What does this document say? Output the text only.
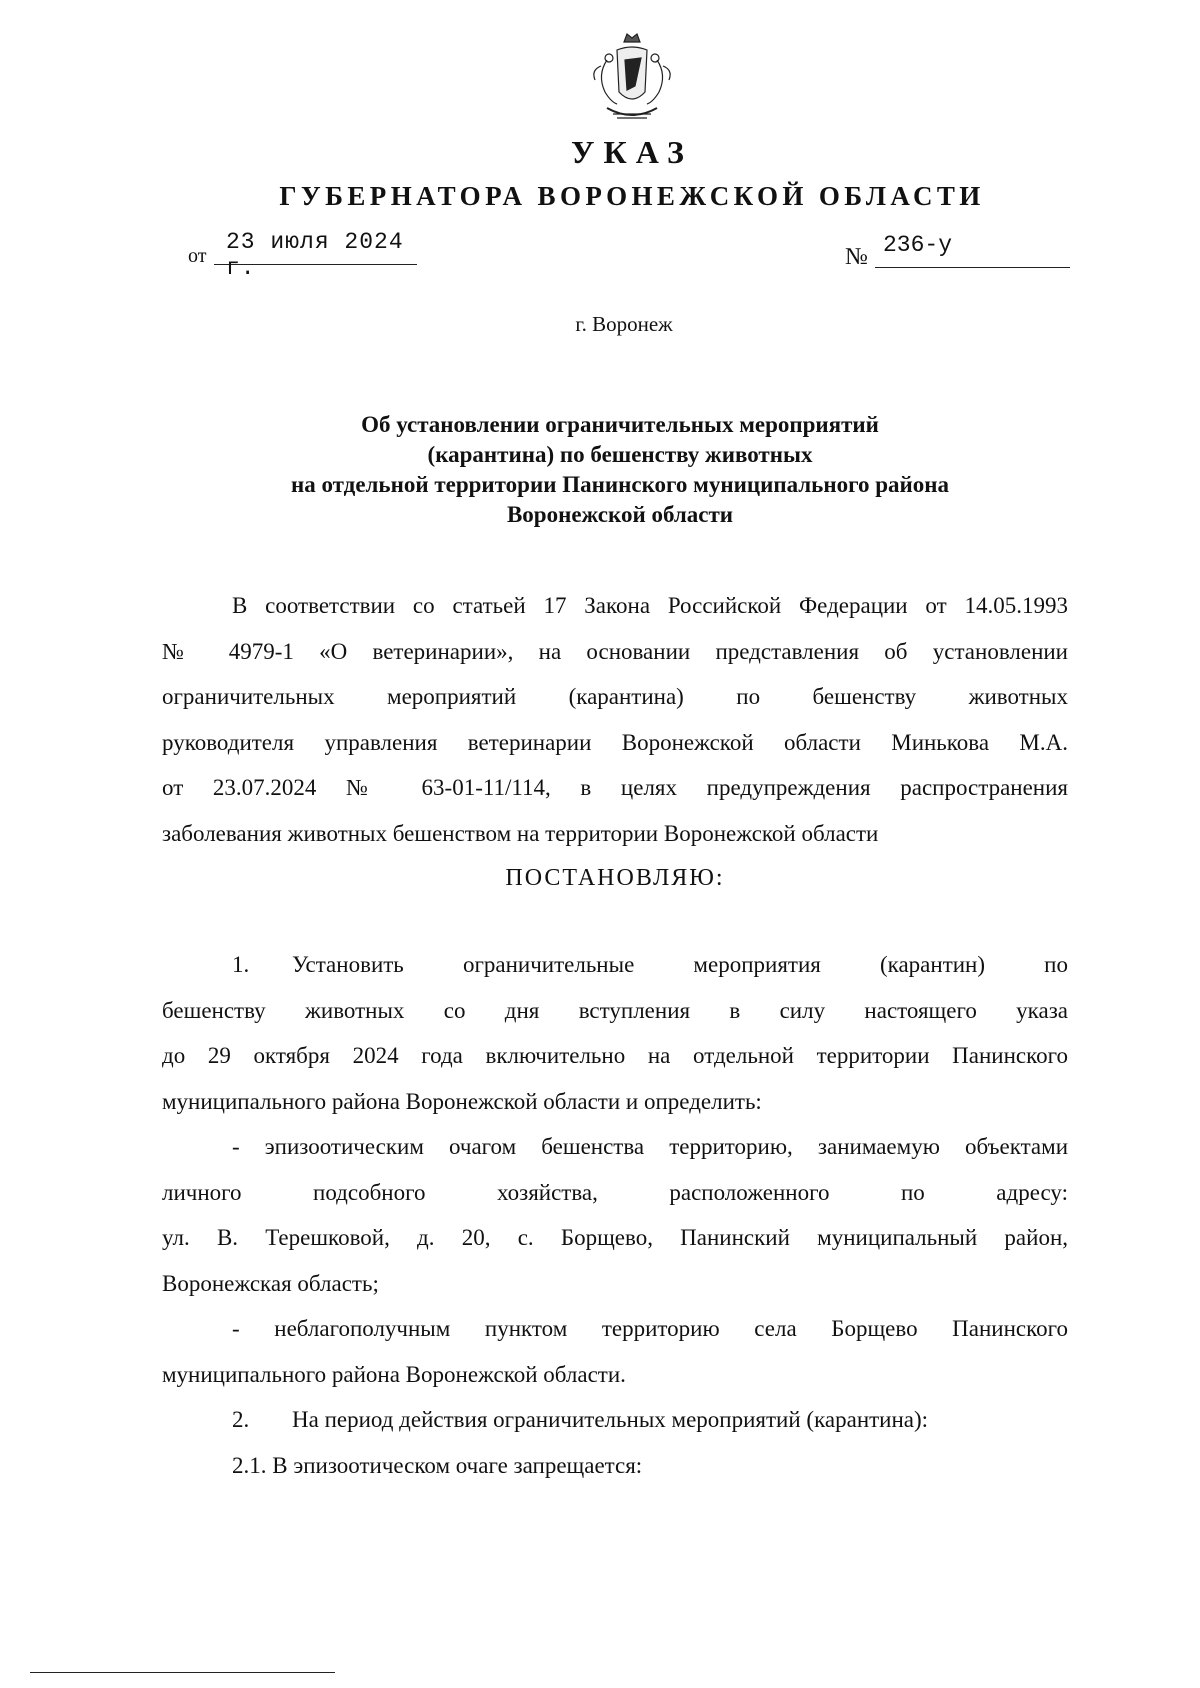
УКАЗ
ГУБЕРНАТОРА ВОРОНЕЖСКОЙ ОБЛАСТИ
от
23 июля 2024 г.	№ 236-у
г. Воронеж
Об установлении ограничительных мероприятий
(карантина) по бешенству животных
на отдельной территории Панинского муниципального района
Воронежской области
В соответствии со статьей 17 Закона Российской Федерации от 14.05.1993
№ 4979-1 «О ветеринарии», на основании представления об установлении
ограничительных мероприятий (карантина) по бешенству животных
руководителя управления ветеринарии Воронежской области Минькова М.А.
от 23.07.2024 № 63-01-11/114, в целях предупреждения распространения
заболевания животных бешенством на территории Воронежской области
ПОСТАНОВЛЯЮ:
1.	Установить ограничительные мероприятия (карантин) по
бешенству животных со дня вступления в силу настоящего указа
до 29 октября 2024 года включительно на отдельной территории Панинского
муниципального района Воронежской области и определить:
- эпизоотическим очагом бешенства территорию, занимаемую объектами
личного подсобного хозяйства, расположенного по адресу:
ул. В. Терешковой, д. 20, с. Борщево, Панинский муниципальный район,
Воронежская область;
- неблагополучным пунктом территорию села Борщево Панинского
муниципального района Воронежской области.
2.	На период действия ограничительных мероприятий (карантина):
2.1. В эпизоотическом очаге запрещается:
